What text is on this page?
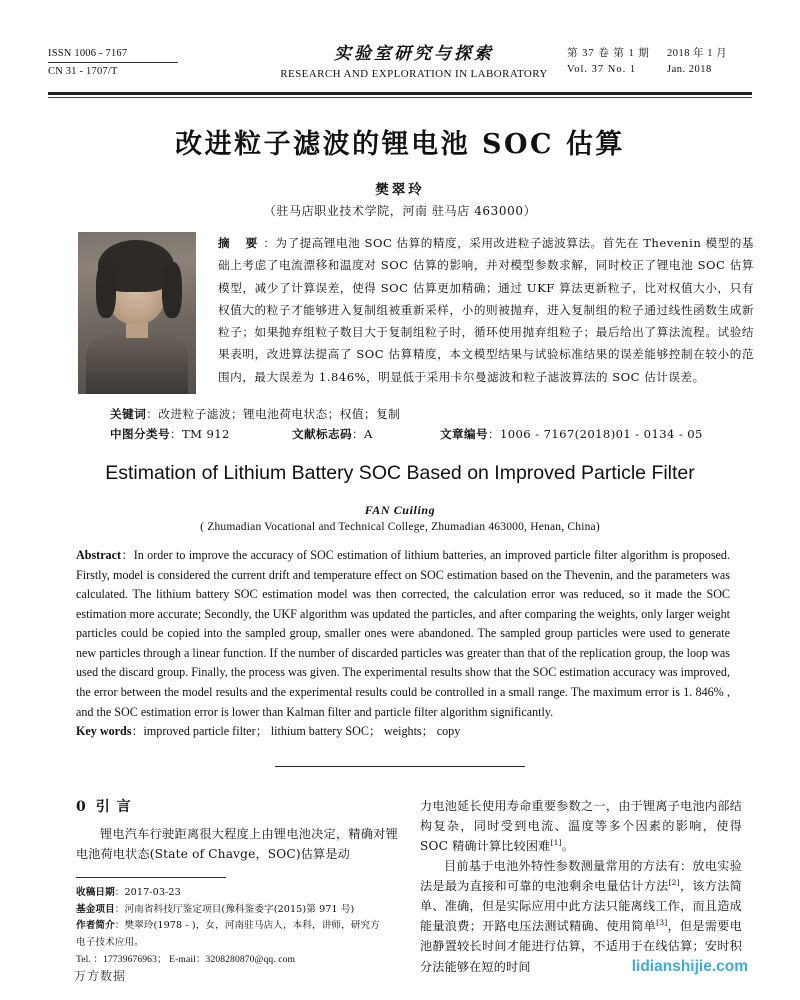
ISSN 1006 - 7167
CN 31 - 1707/T
实验室研究与探索
RESEARCH AND EXPLORATION IN LABORATORY
第 37 卷 第 1 期	2018 年 1 月
Vol. 37 No. 1	Jan. 2018
改进粒子滤波的锂电池 SOC 估算
樊翠玲
（驻马店职业技术学院，河南 驻马店 463000）
摘 要：为了提高锂电池 SOC 估算的精度，采用改进粒子滤波算法。首先在 Thevenin 模型的基础上考虑了电流漂移和温度对 SOC 估算的影响，并对模型参数求解，同时校正了锂电池 SOC 估算模型，减少了计算误差，使得 SOC 估算更加精确；通过 UKF 算法更新粒子，比对权值大小，只有权值大的粒子才能够进入复制组被重新采样，小的则被抛弃，进入复制组的粒子通过线性函数生成新粒子；如果抛弃组粒子数目大于复制组粒子时，循环使用抛弃组粒子；最后给出了算法流程。试验结果表明，改进算法提高了 SOC 估算精度，本文模型结果与试验标准结果的误差能够控制在较小的范围内，最大误差为 1.846%，明显低于采用卡尔曼滤波和粒子滤波算法的 SOC 估计误差。
关键词：改进粒子滤波；锂电池荷电状态；权值；复制
中图分类号：TM 912	文献标志码：A	文章编号：1006 - 7167(2018)01 - 0134 - 05
Estimation of Lithium Battery SOC Based on Improved Particle Filter
FAN Cuiling
( Zhumadian Vocational and Technical College, Zhumadian 463000, Henan, China)
Abstract：In order to improve the accuracy of SOC estimation of lithium batteries, an improved particle filter algorithm is proposed. Firstly, model is considered the current drift and temperature effect on SOC estimation based on the Thevenin, and the parameters was calculated. The lithium battery SOC estimation model was then corrected, the calculation error was reduced, so it made the SOC estimation more accurate; Secondly, the UKF algorithm was updated the particles, and after comparing the weights, only larger weight particles could be copied into the sampled group, smaller ones were abandoned. The sampled group particles were used to generate new particles through a linear function. If the number of discarded particles was greater than that of the replication group, the loop was used the discard group. Finally, the process was given. The experimental results show that the SOC estimation accuracy was improved, the error between the model results and the experimental results could be controlled in a small range. The maximum error is 1. 846% , and the SOC estimation error is lower than Kalman filter and particle filter algorithm significantly.
Key words：improved particle filter； lithium battery SOC； weights； copy
0 引 言

锂电汽车行驶距离很大程度上由锂电池决定，精确对锂电池荷电状态(State of Chavge，SOC)估算是动

收稿日期：2017-03-23
基金项目：河南省科技厅鉴定项目(豫科鉴委字(2015)第 971 号)
作者简介：樊翠玲(1978 - )，女，河南驻马店人，本科，讲师，研究方
电子技术应用。
Tel. ：17739676963； E-mail：3208280870@qq. com

力电池延长使用寿命重要参数之一，由于锂离子电池内部结构复杂，同时受到电流、温度等多个因素的影响，使得 SOC 精确计算比较困难[1]。

目前基于电池外特性参数测量常用的方法有：放电实验法是最为直接和可靠的电池剩余电量估计方法[2]，该方法简单、准确，但是实际应用中此方法只能离线工作，而且造成能量浪费；开路电压法测试精确、使用简单[3]，但是需要电池静置较长时间才能进行估算，不适用于在线估算；安时积分法能够在短的时间

万方数据
lidianshijie.com
